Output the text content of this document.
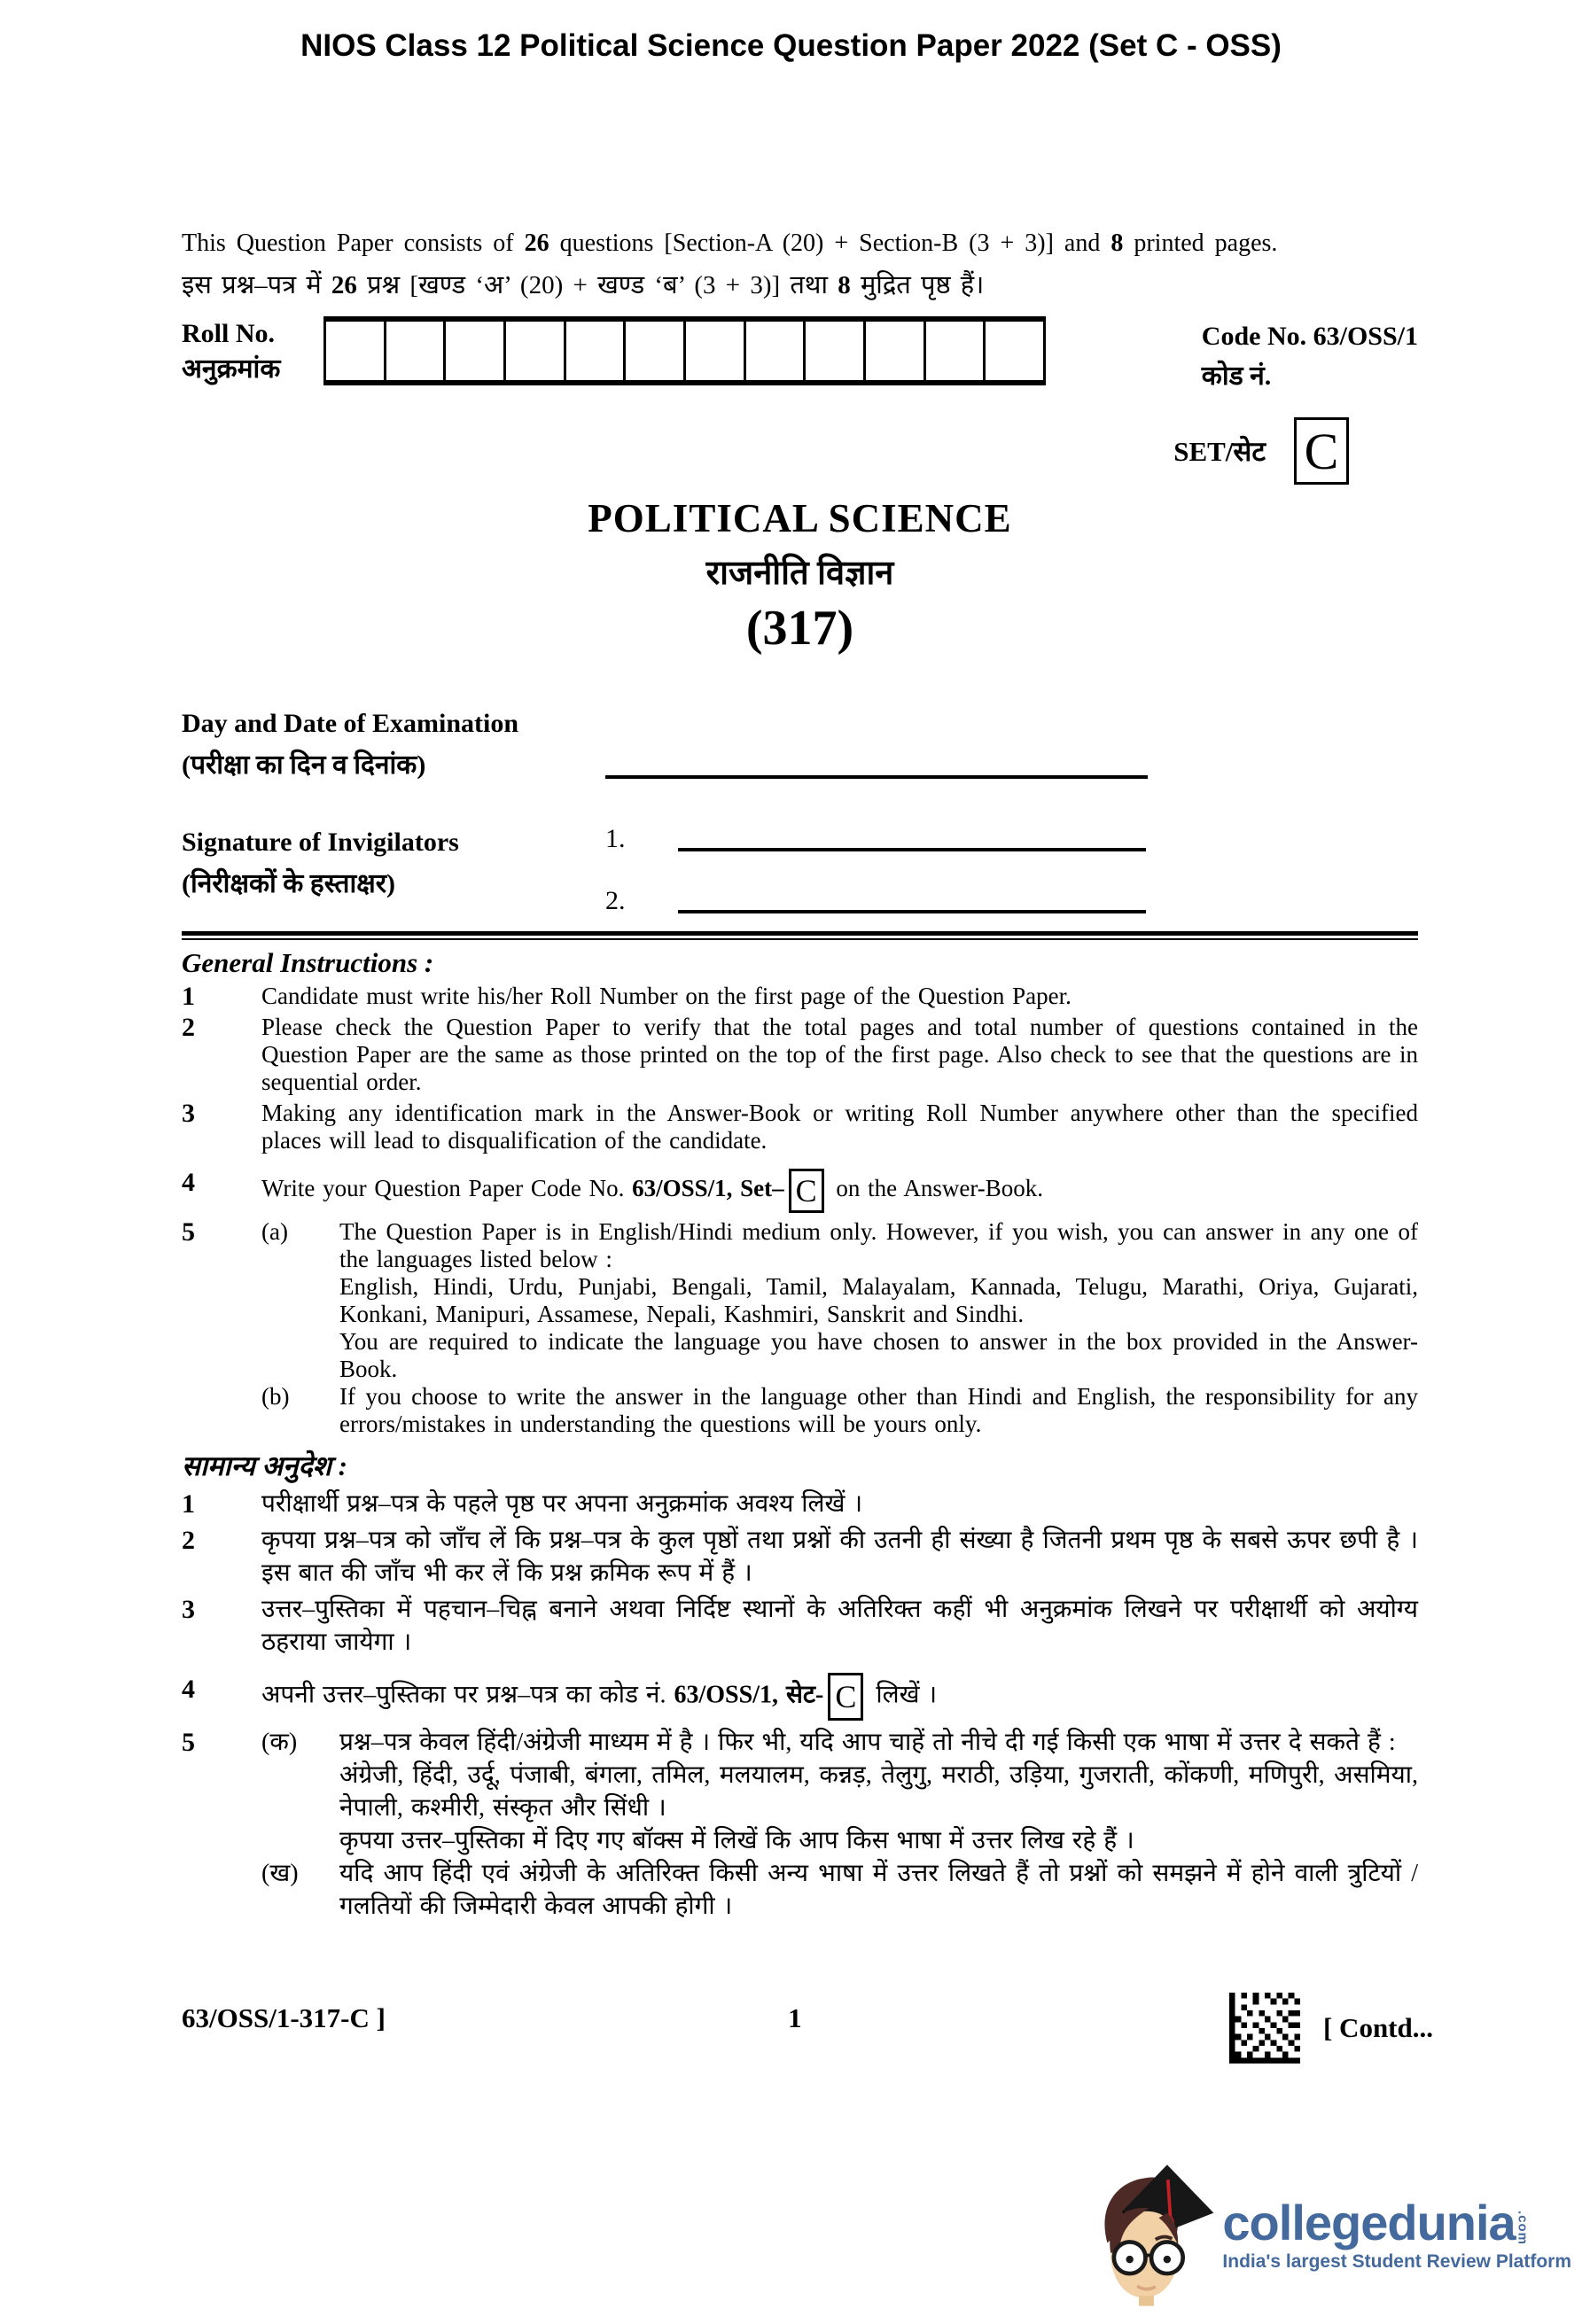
NIOS Class 12 Political Science Question Paper 2022 (Set C - OSS)
This Question Paper consists of 26 questions [Section-A (20) + Section-B (3 + 3)] and 8 printed pages.
इस प्रश्न–पत्र में 26 प्रश्न [खण्ड ‘अ’ (20) + खण्ड ‘ब’ (3 + 3)] तथा 8 मुद्रित पृष्ठ हैं।
Roll No.
अनुक्रमांक
Code No. 63/OSS/1
कोड नं.
SET/सेट C
POLITICAL SCIENCE
राजनीति विज्ञान
(317)
Day and Date of Examination
(परीक्षा का दिन व दिनांक)
Signature of Invigilators
(निरीक्षकों के हस्ताक्षर)
1.
2.
General Instructions :
1	Candidate must write his/her Roll Number on the first page of the Question Paper.
2	Please check the Question Paper to verify that the total pages and total number of questions contained in the Question Paper are the same as those printed on the top of the first page. Also check to see that the questions are in sequential order.
3	Making any identification mark in the Answer-Book or writing Roll Number anywhere other than the specified places will lead to disqualification of the candidate.
4	Write your Question Paper Code No. 63/OSS/1, Set– C on the Answer-Book.
5	(a)	The Question Paper is in English/Hindi medium only. However, if you wish, you can answer in any one of the languages listed below :
English, Hindi, Urdu, Punjabi, Bengali, Tamil, Malayalam, Kannada, Telugu, Marathi, Oriya, Gujarati, Konkani, Manipuri, Assamese, Nepali, Kashmiri, Sanskrit and Sindhi.
You are required to indicate the language you have chosen to answer in the box provided in the Answer-Book.
(b)	If you choose to write the answer in the language other than Hindi and English, the responsibility for any errors/mistakes in understanding the questions will be yours only.
सामान्य अनुदेश :
1	परीक्षार्थी प्रश्न–पत्र के पहले पृष्ठ पर अपना अनुक्रमांक अवश्य लिखें ।
2	कृपया प्रश्न–पत्र को जाँच लें कि प्रश्न–पत्र के कुल पृष्ठों तथा प्रश्नों की उतनी ही संख्या है जितनी प्रथम पृष्ठ के सबसे ऊपर छपी है । इस बात की जाँच भी कर लें कि प्रश्न क्रमिक रूप में हैं ।
3	उत्तर–पुस्तिका में पहचान–चिह्न बनाने अथवा निर्दिष्ट स्थानों के अतिरिक्त कहीं भी अनुक्रमांक लिखने पर परीक्षार्थी को अयोग्य ठहराया जायेगा ।
4	अपनी उत्तर–पुस्तिका पर प्रश्न–पत्र का कोड नं. 63/OSS/1, सेट- C लिखें ।
5	(क)	प्रश्न–पत्र केवल हिंदी/अंग्रेजी माध्यम में है । फिर भी, यदि आप चाहें तो नीचे दी गई किसी एक भाषा में उत्तर दे सकते हैं :
अंग्रेजी, हिंदी, उर्दू, पंजाबी, बंगला, तमिल, मलयालम, कन्नड़, तेलुगु, मराठी, उड़िया, गुजराती, कोंकणी, मणिपुरी, असमिया, नेपाली, कश्मीरी, संस्कृत और सिंधी ।
कृपया उत्तर–पुस्तिका में दिए गए बॉक्स में लिखें कि आप किस भाषा में उत्तर लिख रहे हैं ।
(ख)	यदि आप हिंदी एवं अंग्रेजी के अतिरिक्त किसी अन्य भाषा में उत्तर लिखते हैं तो प्रश्नों को समझने में होने वाली त्रुटियों / गलतियों की जिम्मेदारी केवल आपकी होगी ।
63/OSS/1-317-C ]	1	[ Contd...
collegedunia .com
India's largest Student Review Platform
